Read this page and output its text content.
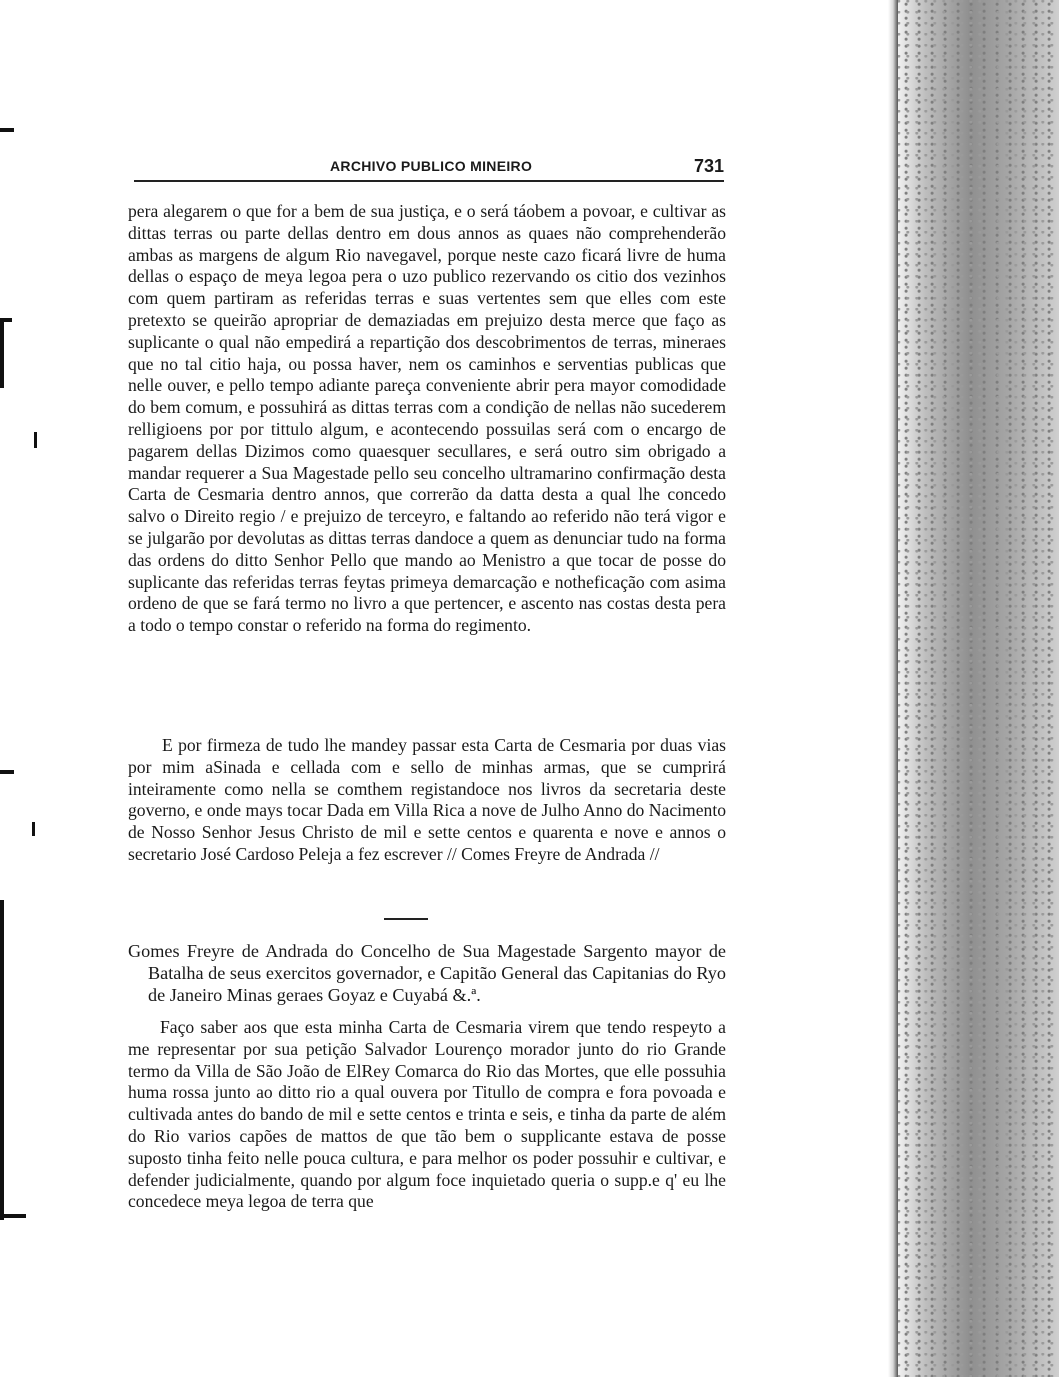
ARCHIVO PUBLICO MINEIRO	731

pera alegarem o que for a bem de sua justiça, e o será táobem a povoar, e cultivar as dittas terras ou parte dellas dentro em dous annos as quaes não comprehenderão ambas as margens de algum Rio navegavel, porque neste cazo ficará livre de huma dellas o espaço de meya legoa pera o uzo publico rezervando os citio dos vezinhos com quem partiram as referidas terras e suas vertentes sem que elles com este pretexto se queirão apropriar de demaziadas em prejuizo desta merce que faço as suplicante o qual não empedirá a repartição dos descobrimentos de terras, mineraes que no tal citio haja, ou possa haver, nem os caminhos e serventias publicas que nelle ouver, e pello tempo adiante pareça conveniente abrir pera mayor comodidade do bem comum, e possuhirá as dittas terras com a condição de nellas não sucederem relligioens por por tittulo algum, e acontecendo possuilas será com o encargo de pagarem dellas Dizimos como quaesquer secullares, e será outro sim obrigado a mandar requerer a Sua Magestade pello seu concelho ultramarino confirmação desta Carta de Cesmaria dentro annos, que correrão da datta desta a qual lhe concedo salvo o Direito regio / e prejuizo de terceyro, e faltando ao referido não terá vigor e se julgarão por devolutas as dittas terras dandoce a quem as denunciar tudo na forma das ordens do ditto Senhor Pello que mando ao Menistro a que tocar de posse do suplicante das referidas terras feytas primeya demarcação e notheficação com asima ordeno de que se fará termo no livro a que pertencer, e ascento nas costas desta pera a todo o tempo constar o referido na forma do regimento.

E por firmeza de tudo lhe mandey passar esta Carta de Cesmaria por duas vias por mim aSinada e cellada com e sello de minhas armas, que se cumprirá inteiramente como nella se comthem registandoce nos livros da secretaria deste governo, e onde mays tocar Dada em Villa Rica a nove de Julho Anno do Nacimento de Nosso Senhor Jesus Christo de mil e sette centos e quarenta e nove e annos o secretario José Cardoso Peleja a fez escrever // Comes Freyre de Andrada //

Gomes Freyre de Andrada do Concelho de Sua Magestade Sargento mayor de Batalha de seus exercitos governador, e Capitão General das Capitanias do Ryo de Janeiro Minas geraes Goyaz e Cuyabá &.ª.

Faço saber aos que esta minha Carta de Cesmaria virem que tendo respeyto a me representar por sua petição Salvador Lourenço morador junto do rio Grande termo da Villa de São João de ElRey Comarca do Rio das Mortes, que elle possuhia huma rossa junto ao ditto rio a qual ouvera por Titullo de compra e fora povoada e cultivada antes do bando de mil e sette centos e trinta e seis, e tinha da parte de além do Rio varios capões de mattos de que tão bem o supplicante estava de posse suposto tinha feito nelle pouca cultura, e para melhor os poder possuhir e cultivar, e defender judicialmente, quando por algum foce inquietado queria o supp.e q' eu lhe concedece meya legoa de terra que
